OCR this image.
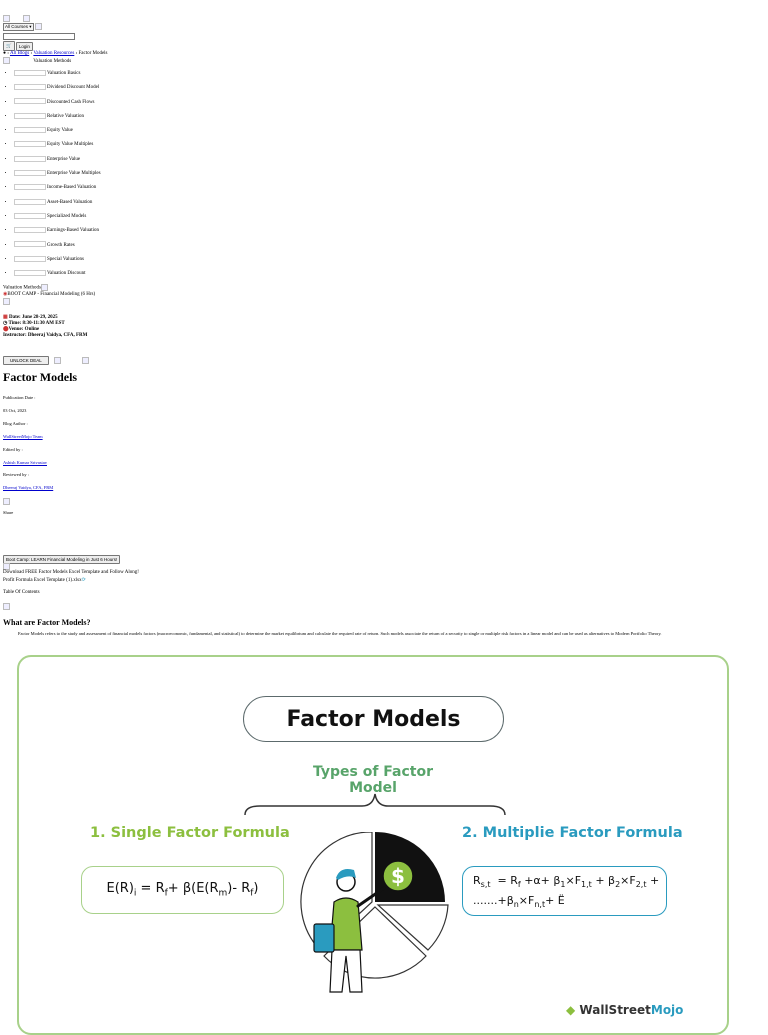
All Courses ▾
🛒 Login
● › All Blogs › Valuation Resources › Factor Models
Valuation Methods
• Valuation Basics
• Dividend Discount Model
• Discounted Cash Flows
• Relative Valuation
• Equity Value
• Equity Value Multiples
• Enterprise Value
• Enterprise Value Multiples
• Income-Based Valuation
• Asset-Based Valuation
• Specialized Models
• Earnings-Based Valuation
• Growth Rates
• Special Valuations
• Valuation Discount
Valuation Methods
◉BOOT CAMP - Financial Modeling (6 Hrs)
▦ Date: June 28-29, 2025
◷ Time: 8:30-11:30 AM EST
⬤Venue: Online
Instructor: Dheeraj Vaidya, CFA, FRM
UNLOCK DEAL
Factor Models
Publication Date :
03 Oct, 2023
Blog Author :
WallStreetMojo Team
Edited by :
Ashish Kumar Srivastav
Reviewed by :
Dheeraj Vaidya, CFA, FRM
Share
Boot Camp: LEARN Financial Modeling in Just 6 Hours!
Download FREE Factor Models Excel Template and Follow Along!
Profit Formula Excel Template (1).xlsx⟳
Table Of Contents
What are Factor Models?
Factor Models refers to the study and assessment of financial models factors (macroeconomic, fundamental, and statistical) to determine the market equilibrium and calculate the required rate of return. Such models associate the return of a security to single or multiple risk factors in a linear model and can be used as alternatives to Modern Portfolio Theory.
Factor Models
Types of Factor Model
1. Single Factor Formula	2. Multiplie Factor Formula
$E(R)_i = R_f+ \beta(E(R_m)-$ $R_f$)
$R_{s,t} = R_f +\alpha+ \beta_1\times F_{1,t} + \beta_2\times F_{2,t}$ +
$.......+\beta_n\times F_{n,t}+$ Ë
$
◆ WallStreetMojo
